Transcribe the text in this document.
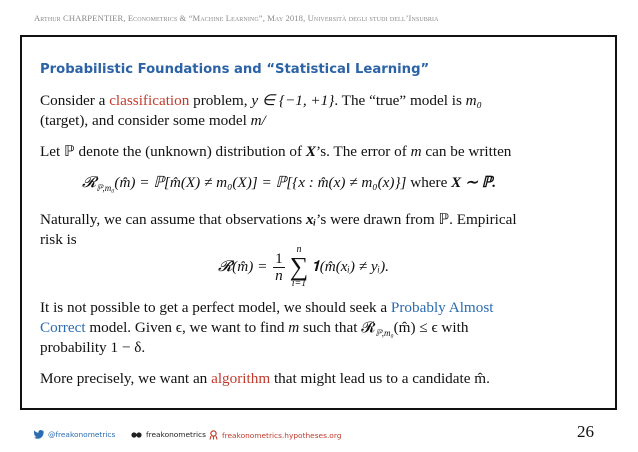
Arthur CHARPENTIER, Econometrics & “Machine Learning”, May 2018, Università degli studi dell’Insubria
Probabilistic Foundations and “Statistical Learning”
Consider a classification problem, y ∈ {−1, +1}. The “true” model is m₀
(target), and consider some model m/
Let ℙ denote the (unknown) distribution of X’s. The error of m can be written
𝓡$_{ℙ,m_0}$(m̂) = ℙ[m̂(X) ≠ m₀(X)] = ℙ[{x : m̂(x) ≠ m₀(x)}] where X ∼ ℙ.
Naturally, we can assume that observations xᵢ’s were drawn from ℙ. Empirical
risk is
𝓡̂(m̂) = $\frac{1}{n}$
n
∑
i=1
𝟏(m̂(xᵢ) ≠ yᵢ).
It is not possible to get a perfect model, we should seek a Probably Almost
Correct model. Given ϵ, we want to find m such that 𝓡$_{ℙ,m_0}$(m̂) ≤ ϵ with
probability 1 − δ.
More precisely, we want an algorithm that might lead us to a candidate m̂.
@freakonometrics	freakonometrics freakonometrics.hypotheses.org	26
